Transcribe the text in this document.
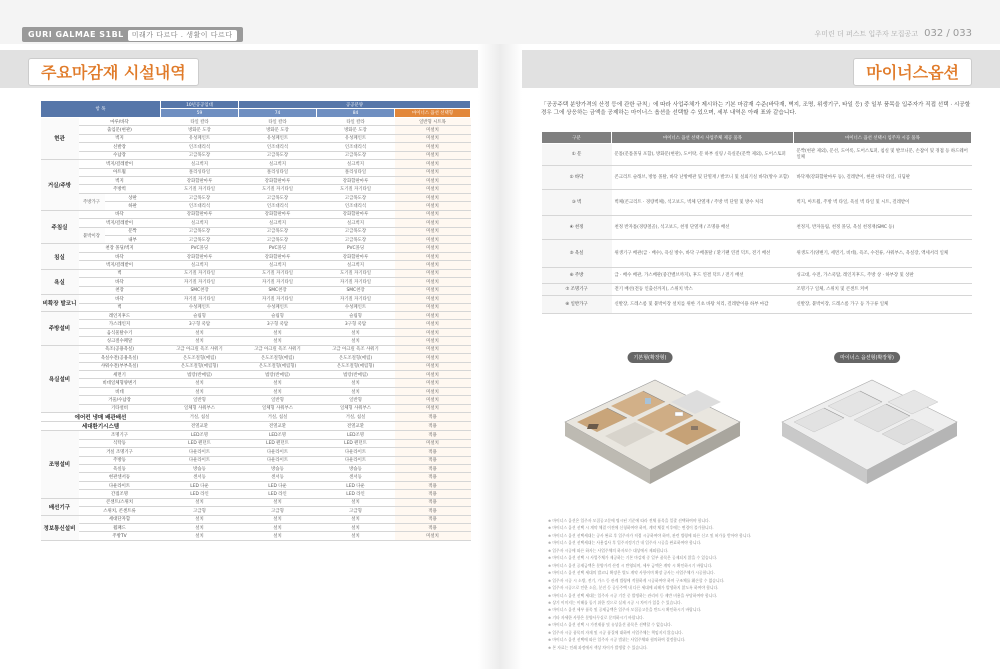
GURI GALMAE S1BL 미래가 다르다 . 생활이 다르다	우미린 더 퍼스트 입주자 모집공고 032 / 033
주요마감재 시설내역	마이너스옵션
항 목			10년공공임대	공공분양		
			59	74	84	마이너스 옵션 선택형
현관	마루/바닥		타일 칼라	타일 칼라	타일 칼라	일반형 시트목
	출입문(현관)		방화문 도장	방화문 도장	방화문 도장	미설치
	벽지		유성페인트	유성페인트	유성페인트	미설치
	신발장		인조대리석	인조대리석	인조대리석	미설치
	수납장		고급목도장	고급목도장	고급목도장	미설치
거실/주방	벽지/걸레받이		실크벽지	실크벽지	실크벽지	미설치
	아트월		폴리싱타일	폴리싱타일	폴리싱타일	미설치
	벽지		강화합판마루	강화합판마루	강화합판마루	미설치
	주방벽		도기질 자기타일	도기질 자기타일	도기질 자기타일	미설치
	주방가구	상판	고급목도장	고급목도장	고급목도장	미설치
		하판	인조대리석	인조대리석	인조대리석	미설치
주침실	바닥		강화합판마루	강화합판마루	강화합판마루	미설치
	벽지/걸레받이		실크벽지	실크벽지	실크벽지	미설치
	붙박이장	문짝	고급목도장	고급목도장	고급목도장	미설치
		내부	고급목도장	고급목도장	고급목도장	미설치
침실	천장 몰딩/벽지		PVC몰딩	PVC몰딩	PVC몰딩	미설치
	바닥		강화합판마루	강화합판마루	강화합판마루	미설치
	벽지/걸레받이		실크벽지	실크벽지	실크벽지	미설치
욕실	벽		도기질 자기타일	도기질 자기타일	도기질 자기타일	미설치
	바닥		자기질 자기타일	자기질 자기타일	자기질 자기타일	미설치
	천장		SMC천장	SMC천장	SMC천장	미설치
비확장 발코니	바닥		자기질 자기타일	자기질 자기타일	자기질 자기타일	미설치
	벽		수성페인트	수성페인트	수성페인트	미설치
주방설비	레인지후드		슬림형	슬림형	슬림형	미설치
	가스레인지		3구형 쿡탑	3구형 쿡탑	3구형 쿡탑	미설치
	음식물탈수기		설치	설치	설치	미설치
	싱크절수페달		설치	설치	설치	미설치
욕실설비	욕조(공용욕실)		고급 아크릴 욕조 샤워기	고급 아크릴 욕조 샤워기	고급 아크릴 욕조 샤워기	미설치
	욕실수전(공용욕실)		온도조절형(매립)	온도조절형(매립)	온도조절형(매립)	미설치
	샤워수전(부부욕실)		온도조절형(매립형)	온도조절형(매립형)	온도조절형(매립형)	미설치
	세면기		법랑(반매립)	법랑(반매립)	법랑(반매립)	미설치
	비데일체형양변기		설치	설치	설치	미설치
	비데		설치	설치	설치	미설치
	거울/수납장		일반형	일반형	일반형	미설치
	기타설비		일체형 샤워부스	일체형 샤워부스	일체형 샤워부스	미설치
에어컨 냉매 배관배선			거실, 침실	거실, 침실	거실, 침실	적용
세대환기시스템			전열교환	전열교환	전열교환	적용
조명설비	조명기구		LED조명	LED조명	LED조명	적용
	식탁등		LED 펜던트	LED 펜던트	LED 펜던트	미설치
	거실 조명기구		다운라이트	다운라이트	다운라이트	적용
	주방등		다운라이트	다운라이트	다운라이트	적용
	욕실등		방습등	방습등	방습등	적용
	현관센서등		센서등	센서등	센서등	적용
	다운라이트		LED 다운	LED 다운	LED 다운	적용
	간접조명		LED 라인	LED 라인	LED 라인	적용
배선기구	콘센트/스위치		설치	설치	설치	적용
	스위치, 콘센트류		고급형	고급형	고급형	적용
정보통신설비	세대단자함		설치	설치	설치	적용
	월패드		설치	설치	설치	적용
	주방TV		설치	설치	설치	미설치
「공공주택 분양가격의 산정 등에 관한 규칙」에 따라 사업주체가 제시하는 기본 마감재 수준(바닥재, 벽지, 조명, 위생기구, 타일 등) 중 일부 품목을 입주자가 직접 선택 · 시공할 경우 그에 상응하는 금액을 공제하는 마이너스 옵션을 선택할 수 있으며, 세부 내역은 아래 표와 같습니다.
구분	마이너스 옵션 선택시 사업주체 제공 품목	마이너스 옵션 선택시 입주자 시공 품목
① 문	문틀(문틀몰딩 포함), 방화문(현관), 도어락, 문 하부 실링 / 욕실문(문짝 제외), 도어스토퍼	문짝(현관 제외), 문선, 도어록, 도어스토퍼, 침실 및 발코니문, 손잡이 및 경첩 등 하드웨어 일체
② 바닥	콘크리트 슬래브, 방통 몰탈, 바닥 난방배관 및 단열재 / 발코니 및 실외기실 바닥(방수 포함)	바닥재(강화합판마루 등), 걸레받이, 현관 바닥 타일, 디딤판
③ 벽	벽체(콘크리트 · 경량벽체), 석고보드, 벽체 단열재 / 주방 벽 단열 및 방수 처리	벽지, 아트월, 주방 벽 타일, 욕실 벽 타일 및 시트, 걸레받이
④ 천정	천정 반자틀(경량철골), 석고보드, 천정 단열재 / 조명용 배선	천정지, 반자돌림, 천정 몰딩, 욕실 천정재(SMC 등)
⑤ 욕실	위생기구 배관(급 · 배수), 욕실 방수, 바닥 구배몰탈 / 환기팬 연결 덕트, 전기 배선	위생도기(양변기, 세면기, 비데), 욕조, 수전류, 샤워부스, 욕실장, 액세서리 일체
⑥ 주방	급 · 배수 배관, 가스배관(중간밸브까지), 후드 연결 덕트 / 전기 배선	싱크대, 수전, 가스쿡탑, 레인지후드, 주방 상 · 하부장 및 상판
⑦ 조명기구	전기 배선(전등 인출선까지), 스위치 박스	조명기구 일체, 스위치 및 콘센트 커버
⑧ 일반가구	신발장, 드레스룸 및 붙박이장 설치를 위한 기초 바탕 처리, 걸레받이용 하부 마감	신발장, 붙박이장, 드레스룸 가구 등 가구류 일체
기본형(확장형)	마이너스 옵션형(확장형)
※ 마이너스 옵션은 입주자 모집공고문에 명시된 기준에 따라 전체 품목을 일괄 선택하여야 합니다.
※ 마이너스 옵션 선택 시 계약 체결 이전에 신청하여야 하며, 계약 체결 이후에는 변경이 불가합니다.
※ 마이너스 옵션 선택세대는 공사 완료 후 입주자가 직접 시공하여야 하며, 관련 법령에 따른 신고 및 허가를 받아야 합니다.
※ 마이너스 옵션 선택세대는 사용검사 후 입주지정기간 내 입주자 시공을 완료하여야 합니다.
※ 입주자 시공에 따른 하자는 사업주체의 하자보수 대상에서 제외됩니다.
※ 마이너스 옵션 선택 시 사업주체가 제공하는 기본 마감재 중 일부 품목은 공제되지 않을 수 있습니다.
※ 마이너스 옵션 공제금액은 분양가격 산정 시 반영되며, 세부 금액은 계약 시 확인하시기 바랍니다.
※ 마이너스 옵션 선택 세대의 발코니 확장은 별도 계약 사항이며 확장 공사는 사업주체가 시공합니다.
※ 입주자 시공 시 소방, 전기, 가스 등 관계 법령에 적합하게 시공하여야 하며 구조체를 훼손할 수 없습니다.
※ 입주자 시공으로 인한 소음, 분진 등 공동주택 내 다른 세대에 피해가 발생하지 않도록 하여야 합니다.
※ 마이너스 옵션 선택 세대는 입주자 시공 기간 중 발생하는 관리비 등 제반 비용을 부담하여야 합니다.
※ 상기 이미지는 이해를 돕기 위한 것으로 실제 시공 시 차이가 있을 수 있습니다.
※ 마이너스 옵션 세부 품목 및 공제금액은 입주자 모집공고문을 반드시 확인하시기 바랍니다.
※ 기타 자세한 사항은 분양사무실로 문의하시기 바랍니다.
※ 마이너스 옵션 선택 시 가전제품 및 유상옵션 품목은 선택할 수 없습니다.
※ 입주자 시공 품목의 자재 및 시공 품질에 대하여 사업주체는 책임지지 않습니다.
※ 마이너스 옵션 선택에 따른 입주자 시공 범위는 사업주체와 협의하여 결정합니다.
※ 본 자료는 인쇄 과정에서 색상 차이가 발생할 수 있습니다.
